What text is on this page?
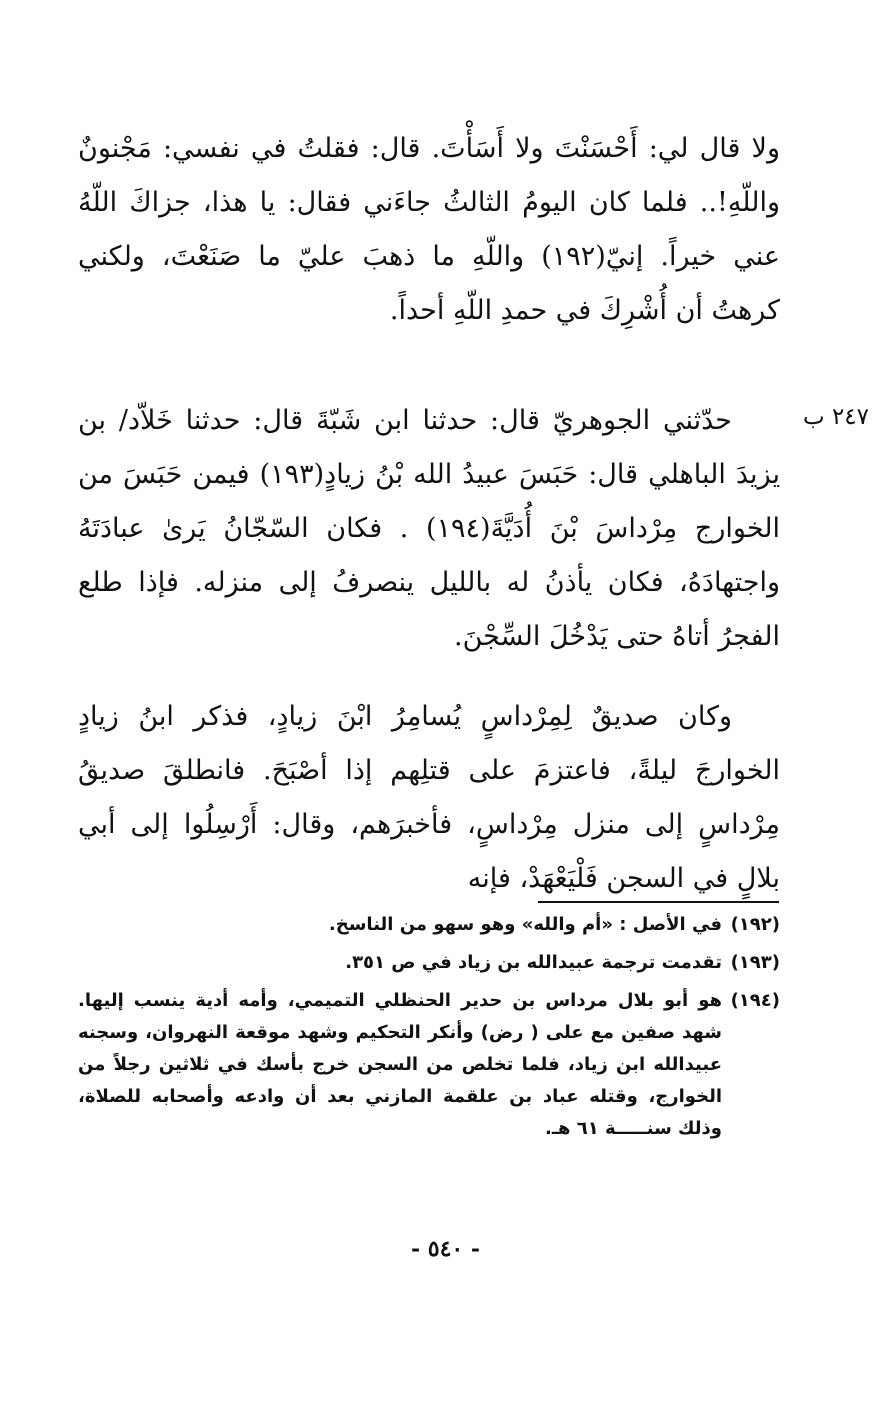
ولا قال لي: أَحْسَنْتَ ولا أَسَأْتَ. قال: فقلتُ في نفسي: مَجْنونٌ واللّهِ!.. فلما كان اليومُ الثالثُ جاءَني فقال: يا هذا، جزاكَ اللّهُ عني خيراً. إنيّ(١٩٢) واللّهِ ما ذهبَ عليّ ما صَنَعْتَ، ولكني كرهتُ أن أُشْرِكَ في حمدِ اللّهِ أحداً.

٢٤٧ ب

حدّثني الجوهريّ قال: حدثنا ابن شَبّةَ قال: حدثنا خَلاّد/ بن يزيدَ الباهلي قال: حَبَسَ عبيدُ الله بْنُ زيادٍ(١٩٣) فيمن حَبَسَ من الخوارج مِرْداسَ بْنَ أُدَيَّةَ(١٩٤) . فكان السّجّانُ يَرىٰ عبادَتَهُ واجتهادَهُ، فكان يأذنُ له بالليل ينصرفُ إلى منزله. فإذا طلع الفجرُ أتاهُ حتى يَدْخُلَ السِّجْنَ.

وكان صديقٌ لِمِرْداسٍ يُسامِرُ ابْنَ زيادٍ، فذكر ابنُ زيادٍ الخوارجَ ليلةً، فاعتزمَ على قتلِهم إذا أصْبَحَ. فانطلقَ صديقُ مِرْداسٍ إلى منزل مِرْداسٍ، فأخبرَهم، وقال: أَرْسِلُوا إلى أبي بلالٍ في السجن فَلْيَعْهَدْ، فإنه

(١٩٢)
في الأصل : «أم والله» وهو سهو من الناسخ.
(١٩٣)
تقدمت ترجمة عبيدالله بن زياد في ص ٣٥١.
(١٩٤)
هو أبو بلال مرداس بن حدير الحنظلي التميمي، وأمه أدية ينسب إليها. شهد صفين مع على ( رض) وأنكر التحكيم وشهد موقعة النهروان، وسجنه عبيدالله ابن زياد، فلما تخلص من السجن خرج بأسك في ثلاثين رجلاً من الخوارج، وقتله عباد بن علقمة المازني بعد أن وادعه وأصحابه للصلاة، وذلك سنـــــة ٦١ هـ.
- ٥٤٠ -
